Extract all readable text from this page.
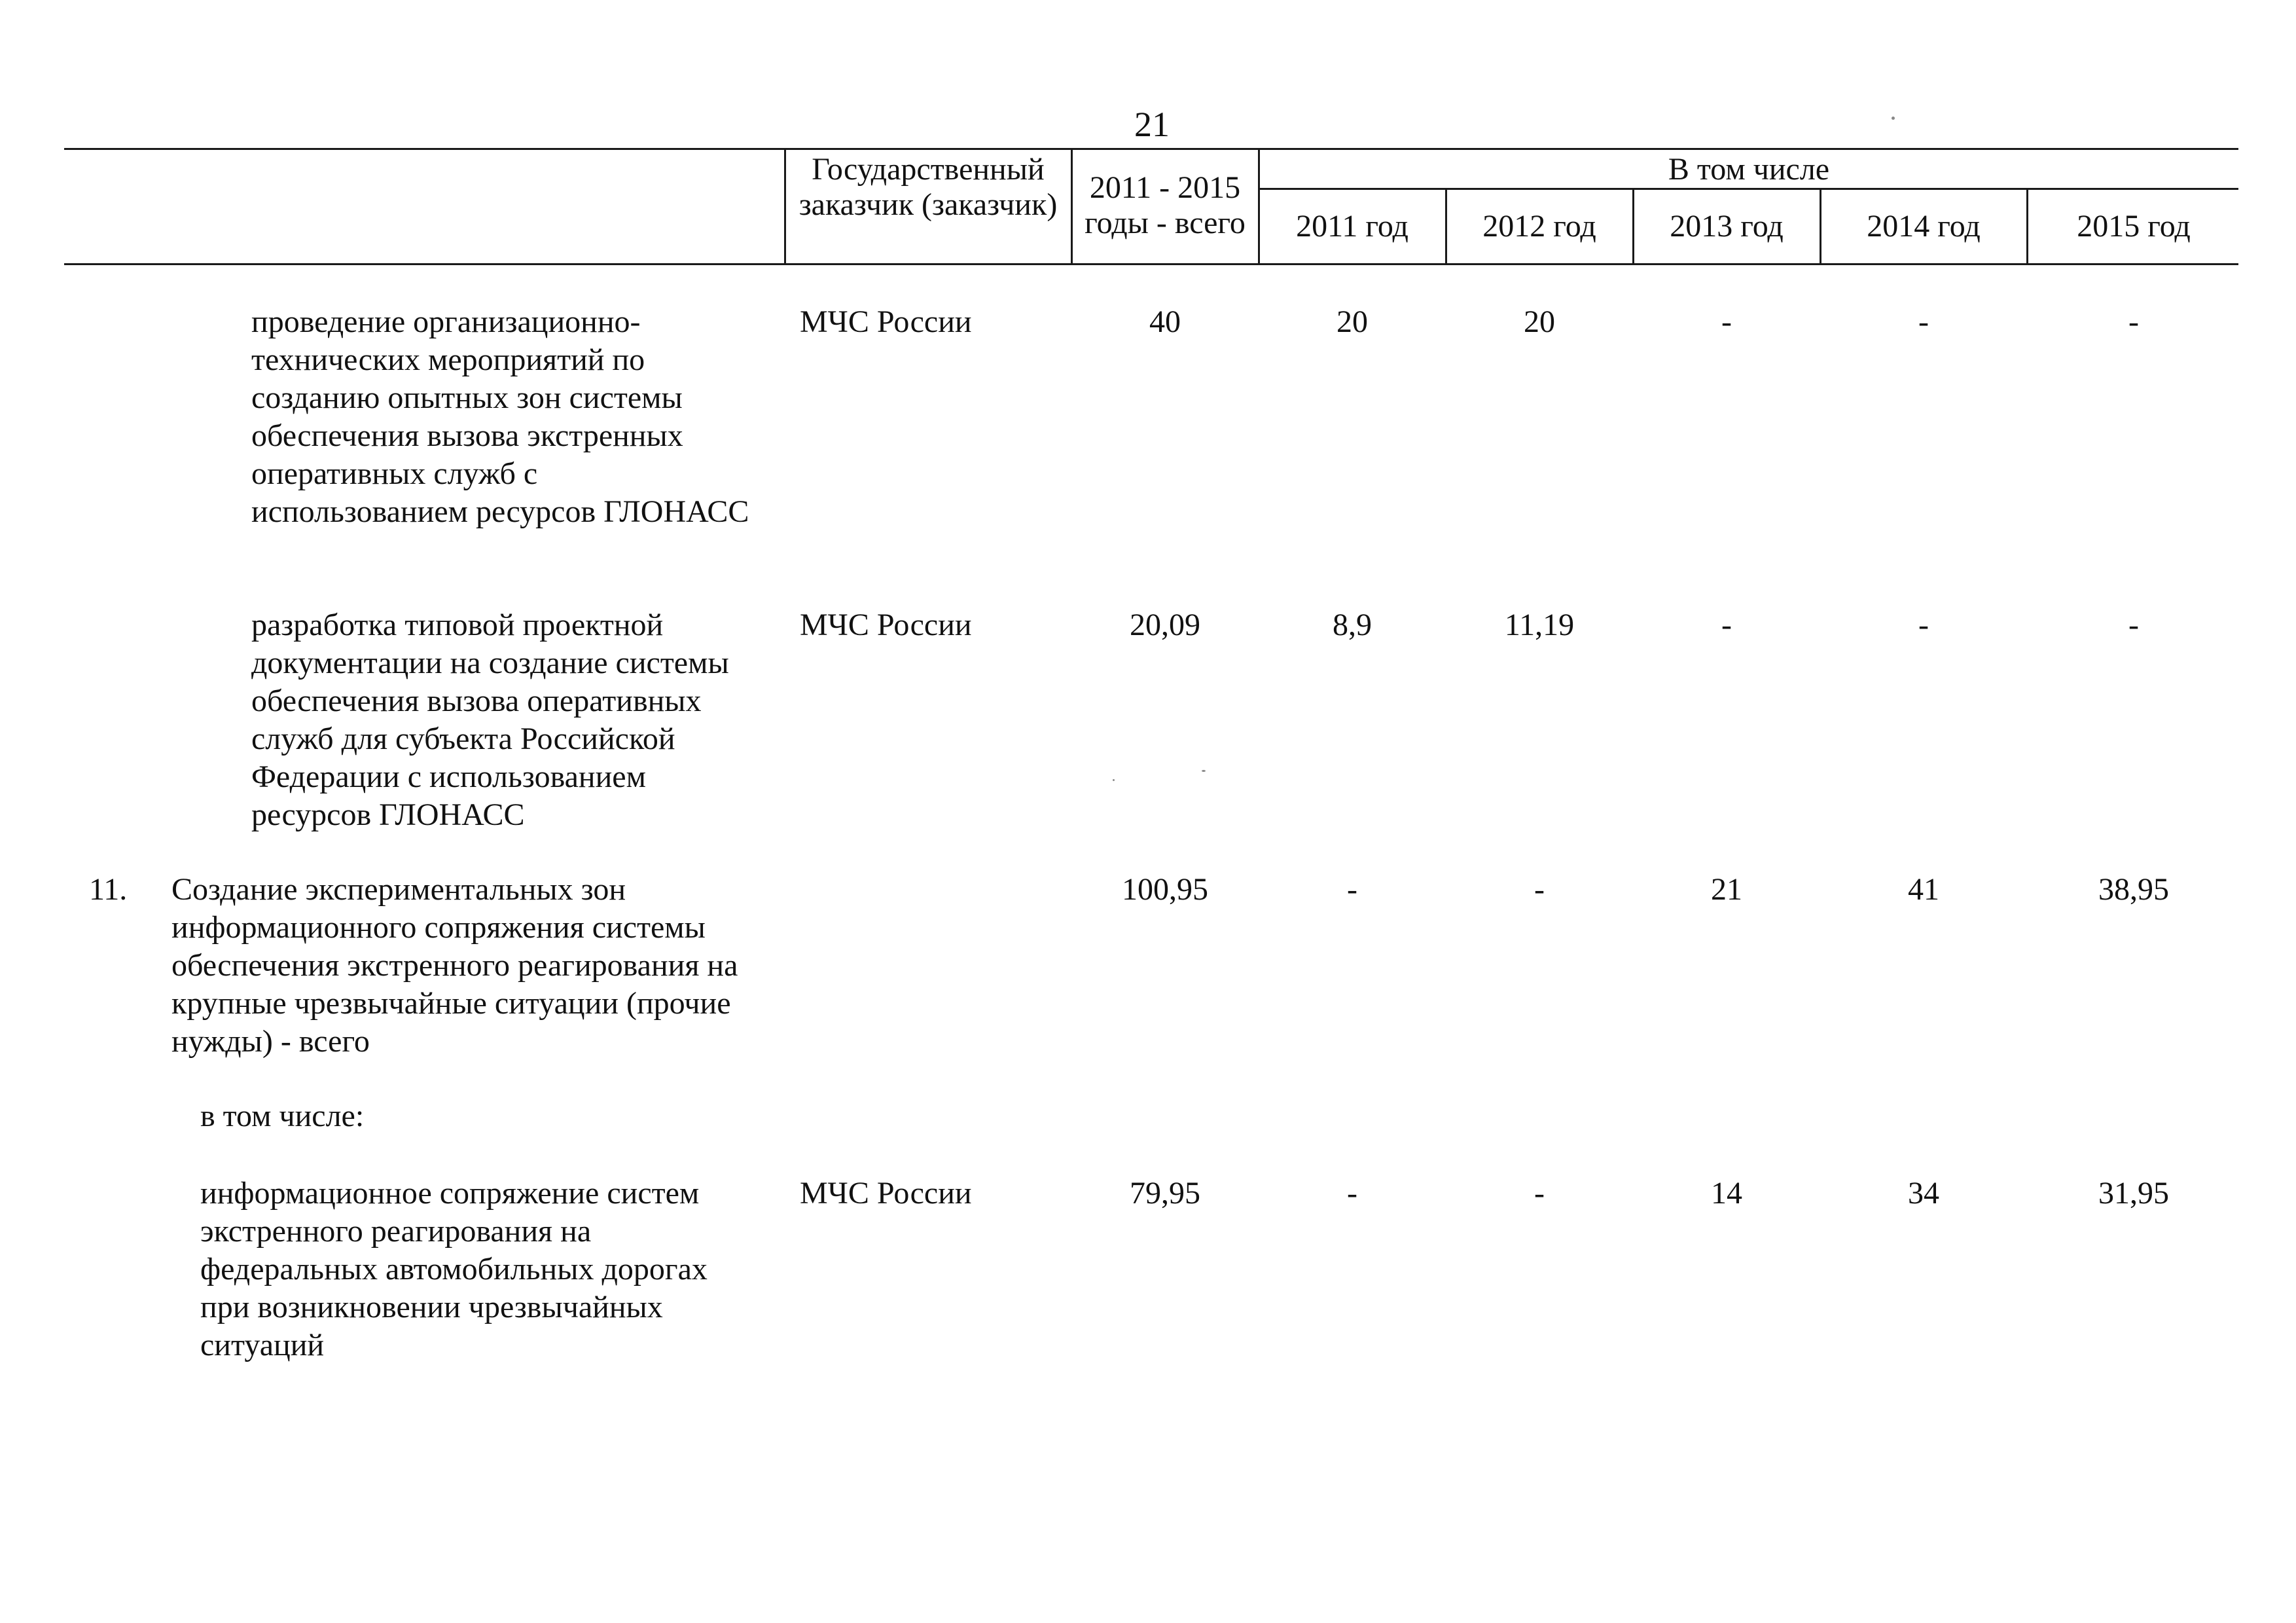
21
Государственный заказчик (заказчик)	2011 - 2015 годы - всего
В том числе
2011 год	2012 год	2013 год	2014 год	2015 год
проведение организационно-технических мероприятий по созданию опытных зон системы обеспечения вызова экстренных оперативных служб с использованием ресурсов ГЛОНАСС
МЧС России	40	20	20	-	-	-
разработка типовой проектной документации на создание системы обеспечения вызова оперативных служб для субъекта Российской Федерации с использованием ресурсов ГЛОНАСС
МЧС России	20,09	8,9	11,19	-	-	-
11.	Создание экспериментальных зон информационного сопряжения системы обеспечения экстренного реагирования на крупные чрезвычайные ситуации (прочие нужды) - всего
100,95	-	-	21	41	38,95
в том числе:
информационное сопряжение систем экстренного реагирования на федеральных автомобильных дорогах при возникновении чрезвычайных ситуаций
МЧС России	79,95	-	-	14	34	31,95
